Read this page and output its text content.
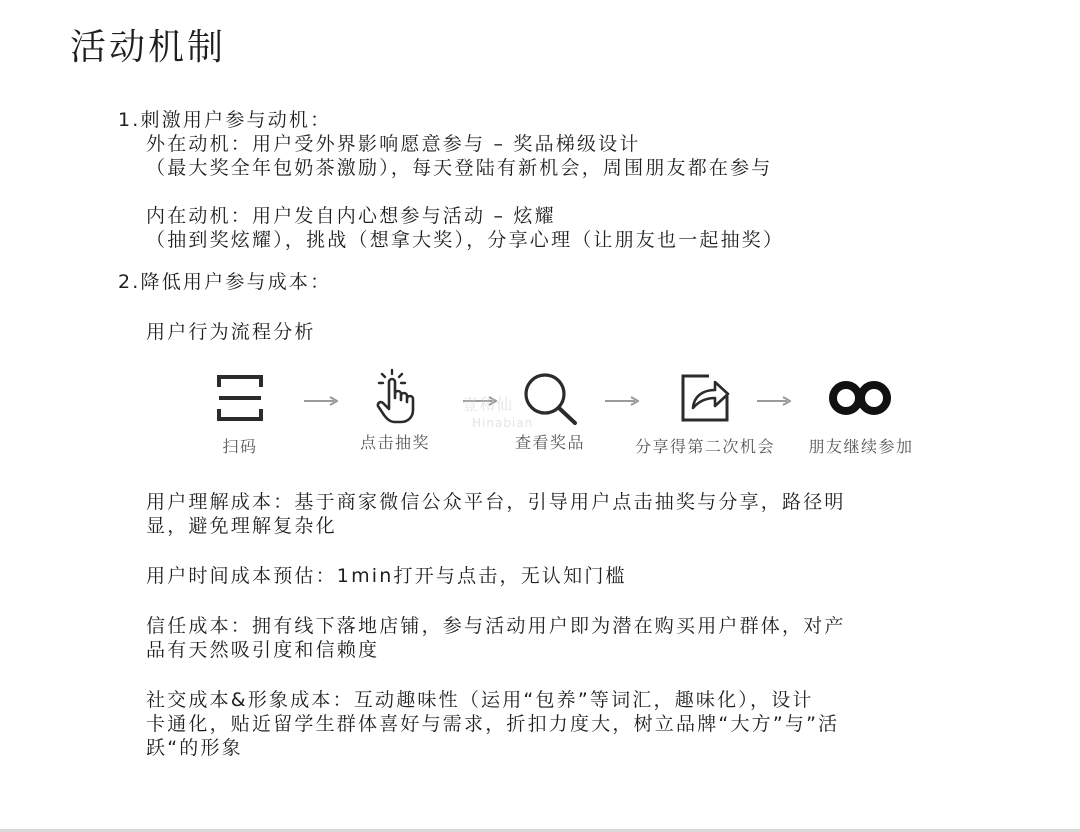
活动机制
1.刺激用户参与动机：
外在动机：用户受外界影响愿意参与 – 奖品梯级设计
（最大奖全年包奶茶激励），每天登陆有新机会，周围朋友都在参与
内在动机：用户发自内心想参与活动 – 炫耀
（抽到奖炫耀），挑战（想拿大奖），分享心理（让朋友也一起抽奖）
2.降低用户参与成本：
用户行为流程分析
扫码	点击抽奖	查看奖品	分享得第二次机会	朋友继续参加
壹和仙
Hinabian
用户理解成本：基于商家微信公众平台，引导用户点击抽奖与分享，路径明
显，避免理解复杂化
用户时间成本预估：1min打开与点击，无认知门槛
信任成本：拥有线下落地店铺，参与活动用户即为潜在购买用户群体，对产
品有天然吸引度和信赖度
社交成本&形象成本：互动趣味性（运用“包养”等词汇，趣味化），设计
卡通化，贴近留学生群体喜好与需求，折扣力度大，树立品牌“大方”与”活
跃“的形象
